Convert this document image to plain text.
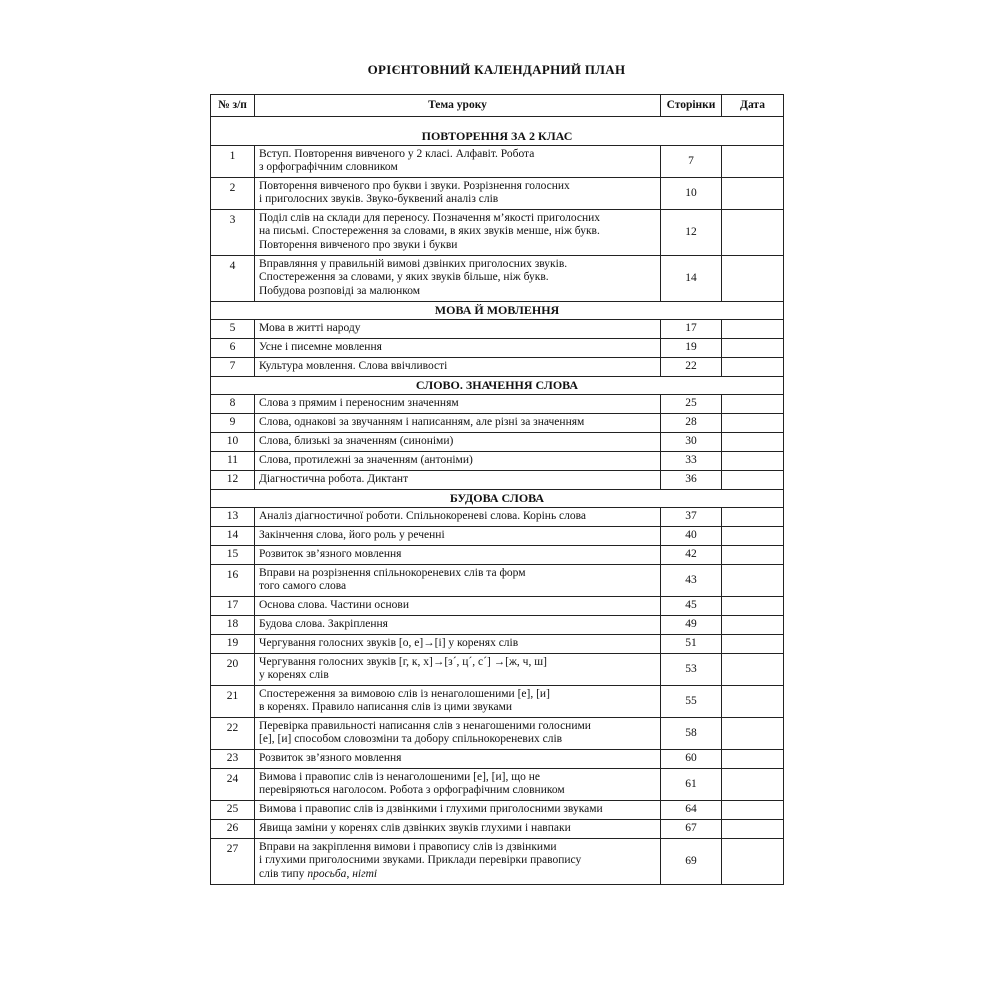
ОРІЄНТОВНИЙ КАЛЕНДАРНИЙ ПЛАН
№ з/п	Тема уроку	Сторінки	Дата
ПОВТОРЕННЯ ЗА 2 КЛАС			
1	Вступ. Повторення вивченого у 2 класі. Алфавіт. Робота
з орфографічним словником	7	
2	Повторення вивченого про букви і звуки. Розрізнення голосних
і приголосних звуків. Звуко-буквений аналіз слів	10	
3	Поділ слів на склади для переносу. Позначення м’якості приголосних
на письмі. Спостереження за словами, в яких звуків менше, ніж букв.
Повторення вивченого про звуки і букви	12	
4	Вправляння у правильній вимові дзвінких приголосних звуків.
Спостереження за словами, у яких звуків більше, ніж букв.
Побудова розповіді за малюнком	14	
МОВА Й МОВЛЕННЯ			
5	Мова в житті народу	17	
6	Усне і писемне мовлення	19	
7	Культура мовлення. Слова ввічливості	22	
СЛОВО. ЗНАЧЕННЯ СЛОВА			
8	Слова з прямим і переносним значенням	25	
9	Слова, однакові за звучанням і написанням, але різні за значенням	28	
10	Слова, близькі за значенням (синоніми)	30	
11	Слова, протилежні за значенням (антоніми)	33	
12	Діагностична робота. Диктант	36	
БУДОВА СЛОВА			
13	Аналіз діагностичної роботи. Спільнокореневі слова. Корінь слова	37	
14	Закінчення слова, його роль у реченні	40	
15	Розвиток зв’язного мовлення	42	
16	Вправи на розрізнення спільнокореневих слів та форм
того самого слова	43	
17	Основа слова. Частини основи	45	
18	Будова слова. Закріплення	49	
19	Чергування голосних звуків [о, е]→[і] у коренях слів	51	
20	Чергування голосних звуків [г, к, х]→[з´, ц´, с´] →[ж, ч, ш]
у коренях слів	53	
21	Спостереження за вимовою слів із ненаголошеними [е], [и]
в коренях. Правило написання слів із цими звуками	55	
22	Перевірка правильності написання слів з ненагошеними голосними
[е], [и] способом словозміни та добору спільнокореневих слів	58	
23	Розвиток зв’язного мовлення	60	
24	Вимова і правопис слів із ненаголошеними [е], [и], що не
перевіряються наголосом. Робота з орфографічним словником	61	
25	Вимова і правопис слів із дзвінкими і глухими приголосними звуками	64	
26	Явища заміни у коренях слів дзвінких звуків глухими і навпаки	67	
27	Вправи на закріплення вимови і правопису слів із дзвінкими
і глухими приголосними звуками. Приклади перевірки правопису
слів типу просьба, нігті	69	
